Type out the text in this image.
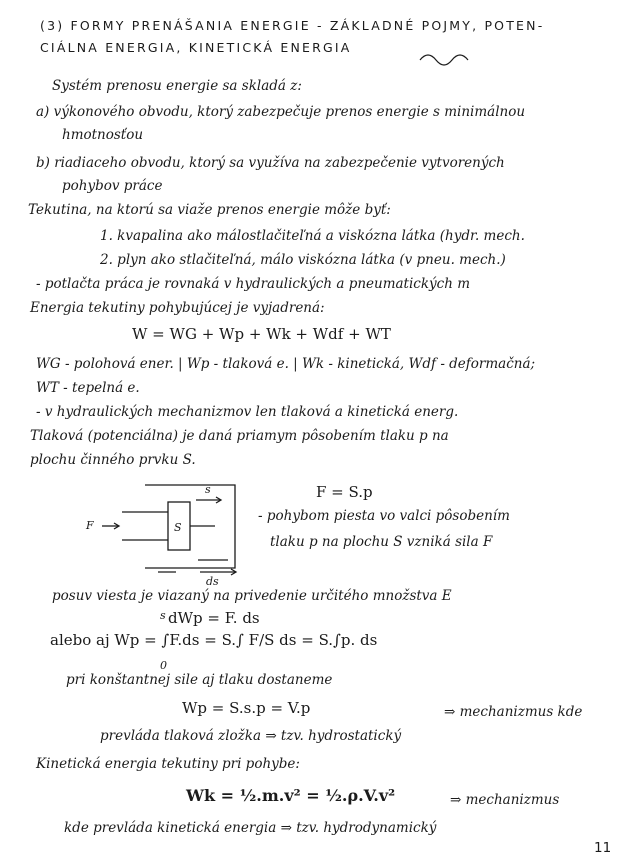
(3) FORMY PRENÁŠANIA ENERGIE - ZÁKLADNÉ POJMY, POTEN-
CIÁLNA ENERGIA, KINETICKÁ ENERGIA
Systém prenosu energie sa skladá z:
a) výkonového obvodu, ktorý zabezpečuje prenos energie s minimálnou
hmotnosťou
b) riadiaceho obvodu, ktorý sa využíva na zabezpečenie vytvorených
pohybov práce
Tekutina, na ktorú sa viaže prenos energie môže byť:
1. kvapalina ako málostlačiteľná a viskózna látka (hydr. mech.
2. plyn ako stlačiteľná, málo viskózna látka (v pneu. mech.)
- potlačta práca je rovnaká v hydraulických a pneumatických m
Energia tekutiny pohybujúcej je vyjadrená:
W = WG + Wp + Wk + Wdf + WT
WG - polohová ener. | Wp - tlaková e. | Wk - kinetická, Wdf - deformačná;
WT - tepelná e.
- v hydraulických mechanizmov len tlaková a kinetická energ.
Tlaková (potenciálna) je daná priamym pôsobením tlaku p na
plochu činného prvku S.
F = S.p
F
s
S
ds
- pohybom piesta vo valci pôsobením
tlaku p na plochu S vzniká sila F
posuv viesta je viazaný na privedenie určitého množstva E
s dWp = F. ds
alebo aj Wp = ∫F.ds = S.∫ F/S ds = S.∫p. ds
0
pri konštantnej sile aj tlaku dostaneme
Wp = S.s.p = V.p	⇒ mechanizmus kde
prevláda tlaková zložka ⇒ tzv. hydrostatický
Kinetická energia tekutiny pri pohybe:
Wk = ½.m.v² = ½.ρ.V.v²	⇒ mechanizmus
kde prevláda kinetická energia ⇒ tzv. hydrodynamický
11
